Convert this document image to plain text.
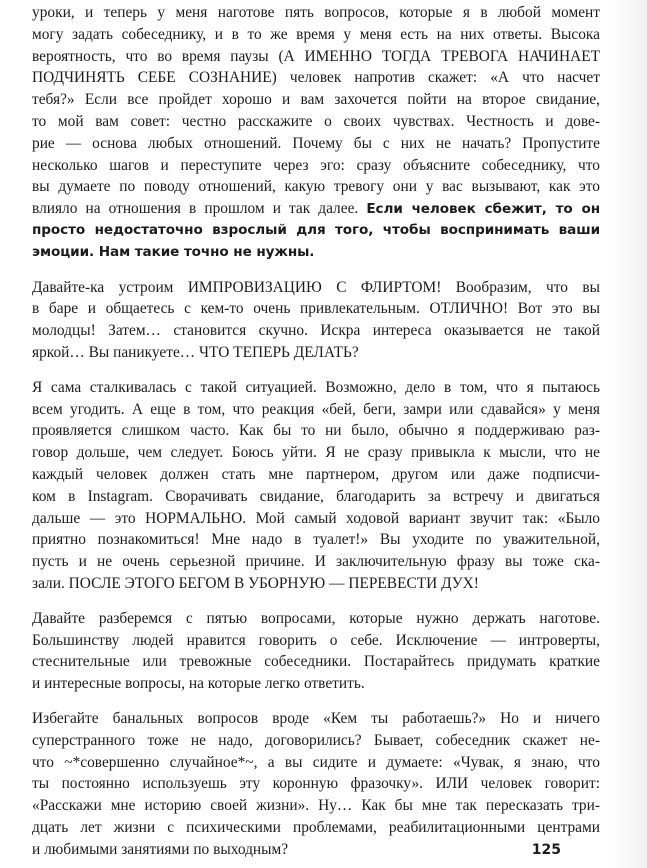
уроки, и теперь у меня наготове пять вопросов, которые я в любой момент
могу задать собеседнику, и в то же время у меня есть на них ответы. Высока
вероятность, что во время паузы (А ИМЕННО ТОГДА ТРЕВОГА НАЧИНАЕТ
ПОДЧИНЯТЬ СЕБЕ СОЗНАНИЕ) человек напротив скажет: «А что насчет
тебя?» Если все пройдет хорошо и вам захочется пойти на второе свидание,
то мой вам совет: честно расскажите о своих чувствах. Честность и дове-
рие — основа любых отношений. Почему бы с них не начать? Пропустите
несколько шагов и переступите через эго: сразу объясните собеседнику, что
вы думаете по поводу отношений, какую тревогу они у вас вызывают, как это
влияло на отношения в прошлом и так далее. Если человек сбежит, то он
просто недостаточно взрослый для того, чтобы воспринимать ваши
эмоции. Нам такие точно не нужны.
Давайте-ка устроим ИМПРОВИЗАЦИЮ С ФЛИРТОМ! Вообразим, что вы
в баре и общаетесь с кем-то очень привлекательным. ОТЛИЧНО! Вот это вы
молодцы! Затем… становится скучно. Искра интереса оказывается не такой
яркой… Вы паникуете… ЧТО ТЕПЕРЬ ДЕЛАТЬ?
Я сама сталкивалась с такой ситуацией. Возможно, дело в том, что я пытаюсь
всем угодить. А еще в том, что реакция «бей, беги, замри или сдавайся» у меня
проявляется слишком часто. Как бы то ни было, обычно я поддерживаю раз-
говор дольше, чем следует. Боюсь уйти. Я не сразу привыкла к мысли, что не
каждый человек должен стать мне партнером, другом или даже подписчи-
ком в Instagram. Сворачивать свидание, благодарить за встречу и двигаться
дальше — это НОРМАЛЬНО. Мой самый ходовой вариант звучит так: «Было
приятно познакомиться! Мне надо в туалет!» Вы уходите по уважительной,
пусть и не очень серьезной причине. И заключительную фразу вы тоже ска-
зали. ПОСЛЕ ЭТОГО БЕГОМ В УБОРНУЮ — ПЕРЕВЕСТИ ДУХ!
Давайте разберемся с пятью вопросами, которые нужно держать наготове.
Большинству людей нравится говорить о себе. Исключение — интроверты,
стеснительные или тревожные собеседники. Постарайтесь придумать краткие
и интересные вопросы, на которые легко ответить.
Избегайте банальных вопросов вроде «Кем ты работаешь?» Но и ничего
суперстранного тоже не надо, договорились? Бывает, собеседник скажет не-
что ~*совершенно случайное*~, а вы сидите и думаете: «Чувак, я знаю, что
ты постоянно используешь эту коронную фразочку». ИЛИ человек говорит:
«Расскажи мне историю своей жизни». Ну… Как бы мне так пересказать три-
дцать лет жизни с психическими проблемами, реабилитационными центрами
и любимыми занятиями по выходным?	125
